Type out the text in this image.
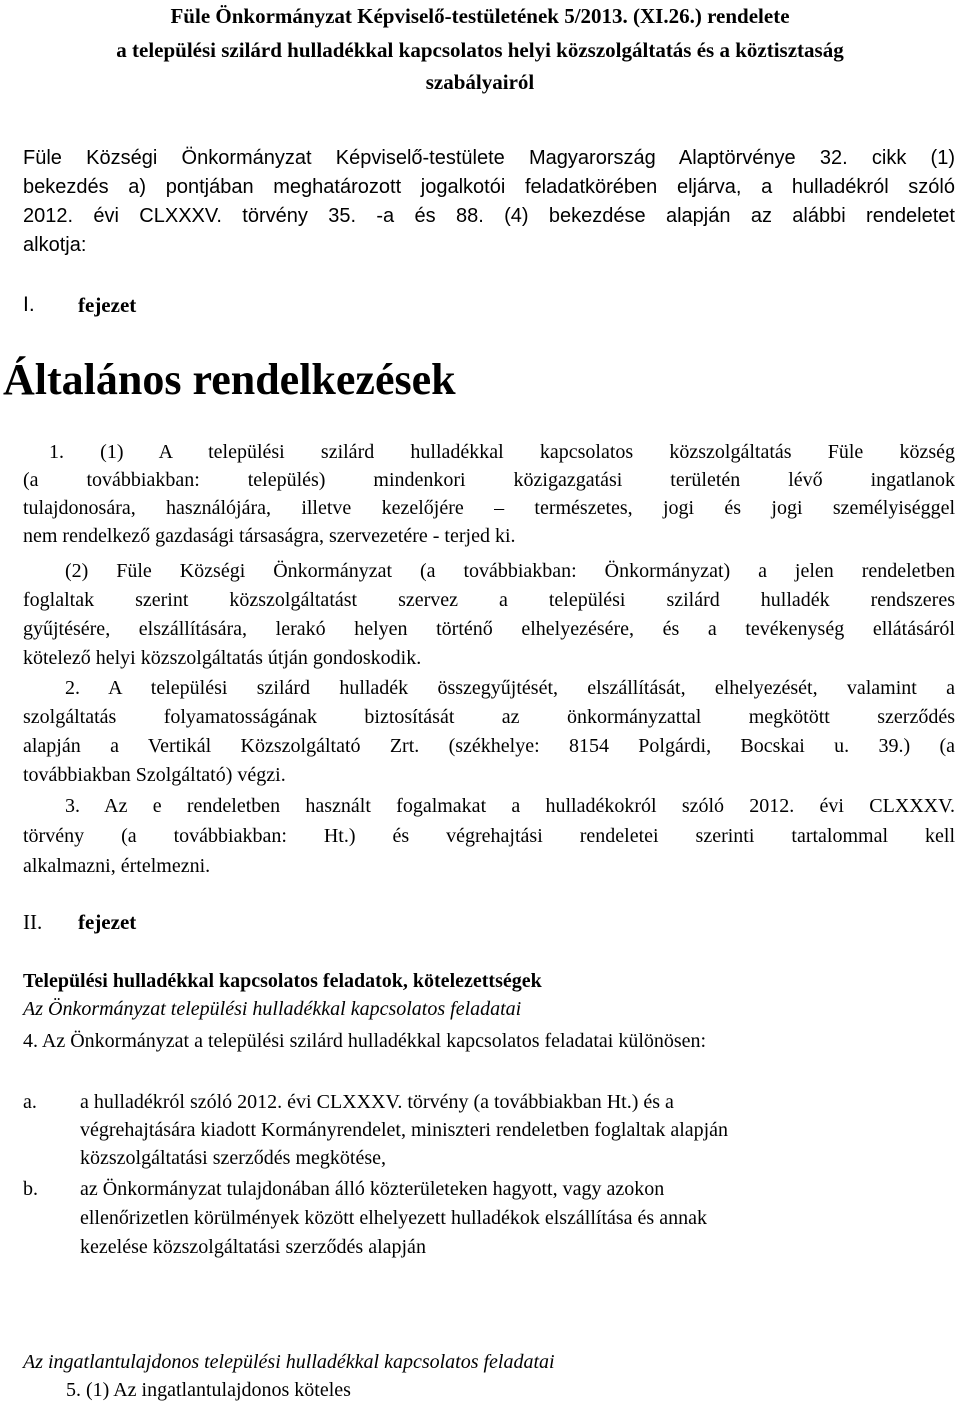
Füle Önkormányzat Képviselő-testületének 5/2013. (XI.26.) rendelete
a települési szilárd hulladékkal kapcsolatos helyi közszolgáltatás és a köztisztaság
szabályairól
Füle Községi Önkormányzat Képviselő-testülete Magyarország Alaptörvénye 32. cikk (1)
bekezdés a) pontjában meghatározott jogalkotói feladatkörében eljárva, a hulladékról szóló
2012. évi CLXXXV. törvény 35. -a és 88. (4) bekezdése alapján az alábbi rendeletet
alkotja:
I. fejezet
Általános rendelkezések
1. (1) A települési szilárd hulladékkal kapcsolatos közszolgáltatás Füle község
(a továbbiakban: település) mindenkori közigazgatási területén lévő ingatlanok
tulajdonosára, használójára, illetve kezelőjére – természetes, jogi és jogi személyiséggel
nem rendelkező gazdasági társaságra, szervezetére - terjed ki.
(2) Füle Községi Önkormányzat (a továbbiakban: Önkormányzat) a jelen rendeletben
foglaltak szerint közszolgáltatást szervez a települési szilárd hulladék rendszeres
gyűjtésére, elszállítására, lerakó helyen történő elhelyezésére, és a tevékenység ellátásáról
kötelező helyi közszolgáltatás útján gondoskodik.
2. A települési szilárd hulladék összegyűjtését, elszállítását, elhelyezését, valamint a
szolgáltatás folyamatosságának biztosítását az önkormányzattal megkötött szerződés
alapján a Vertikál Közszolgáltató Zrt. (székhelye: 8154 Polgárdi, Bocskai u. 39.) (a
továbbiakban Szolgáltató) végzi.
3. Az e rendeletben használt fogalmakat a hulladékokról szóló 2012. évi CLXXXV.
törvény (a továbbiakban: Ht.) és végrehajtási rendeletei szerinti tartalommal kell
alkalmazni, értelmezni.
II. fejezet
Települési hulladékkal kapcsolatos feladatok, kötelezettségek
Az Önkormányzat települési hulladékkal kapcsolatos feladatai
4. Az Önkormányzat a települési szilárd hulladékkal kapcsolatos feladatai különösen:
a. a hulladékról szóló 2012. évi CLXXXV. törvény (a továbbiakban Ht.) és a
végrehajtására kiadott Kormányrendelet, miniszteri rendeletben foglaltak alapján
közszolgáltatási szerződés megkötése,
b. az Önkormányzat tulajdonában álló közterületeken hagyott, vagy azokon
ellenőrizetlen körülmények között elhelyezett hulladékok elszállítása és annak
kezelése közszolgáltatási szerződés alapján
Az ingatlantulajdonos települési hulladékkal kapcsolatos feladatai
5. (1) Az ingatlantulajdonos köteles
